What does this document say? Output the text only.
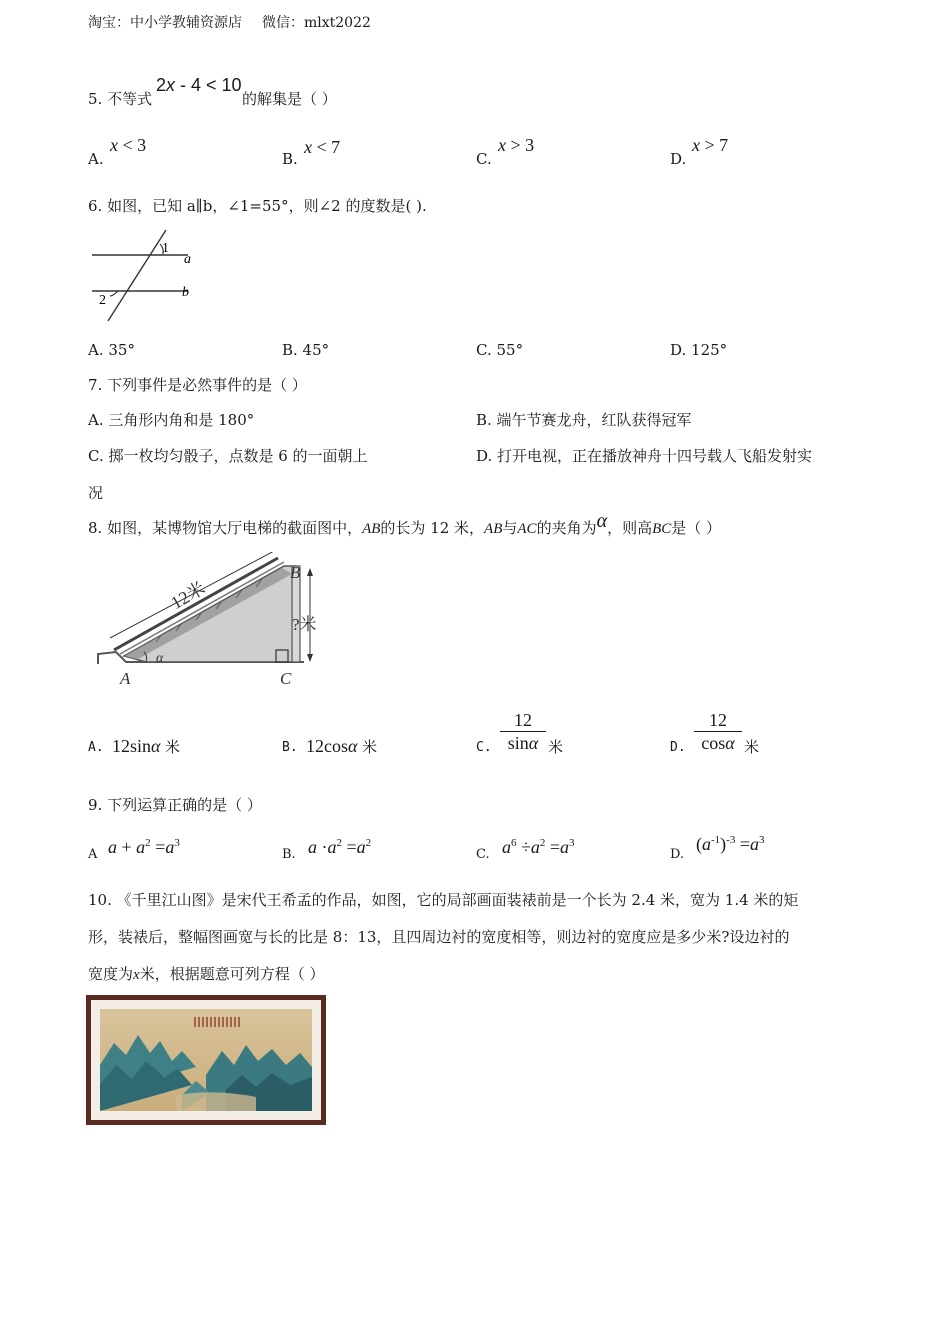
淘宝：中小学教辅资源店 微信：mlxt2022
5. 不等式
2x - 4 < 10
的解集是（ ）
A.
x < 3
B.
x < 7
C.
x > 3
D.
x > 7
6. 如图，已知 a∥b，∠1=55°，则∠2 的度数是( ).
1
2
a
b
A. 35°	B. 45°	C. 55°	D. 125°
7. 下列事件是必然事件的是（ ）
A. 三角形内角和是 180°	B. 端午节赛龙舟，红队获得冠军
C. 掷一枚均匀骰子，点数是 6 的一面朝上	D. 打开电视，正在播放神舟十四号载人飞船发射实
况
8. 如图，某博物馆大厅电梯的截面图中，AB的长为 12 米，AB与AC的夹角为α，则高BC是（ ）
12米
?米
B
A	C
α
A. 12sinα 米	B. 12cosα 米	C.
12
sinα 米	D.
12
cosα 米
9. 下列运算正确的是（ ）
A $a + a^2 =a^3$
B. $a \cdot a^2 =a^2$
C. $a^6 \div a^2 =a^3$
D.
$(a^{-1})^{-3} =a^3$
10. 《千里江山图》是宋代王希孟的作品，如图，它的局部画面装裱前是一个长为 2.4 米，宽为 1.4 米的矩
形，装裱后，整幅图画宽与长的比是 8：13，且四周边衬的宽度相等，则边衬的宽度应是多少米?设边衬的
宽度为x米，根据题意可列方程（ ）
